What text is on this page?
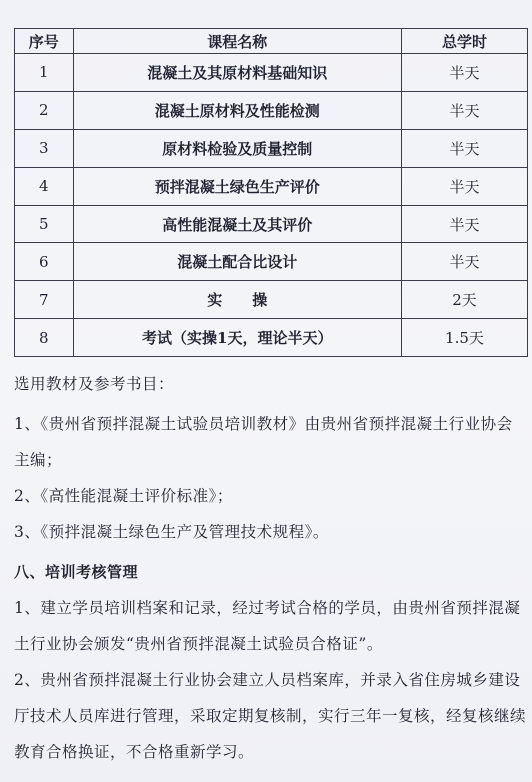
序号	课程名称	总学时
1	混凝土及其原材料基础知识	半天
2	混凝土原材料及性能检测	半天
3	原材料检验及质量控制	半天
4	预拌混凝土绿色生产评价	半天
5	高性能混凝土及其评价	半天
6	混凝土配合比设计	半天
7	实　　操	2天
8	考试（实操1天，理论半天）	1.5天

选用教材及参考书目：

1、《贵州省预拌混凝土试验员培训教材》由贵州省预拌混凝土行业协会主编；

2、《高性能混凝土评价标准》；

3、《预拌混凝土绿色生产及管理技术规程》。

八、培训考核管理

1、建立学员培训档案和记录，经过考试合格的学员，由贵州省预拌混凝土行业协会颁发“贵州省预拌混凝土试验员合格证”。

2、贵州省预拌混凝土行业协会建立人员档案库，并录入省住房城乡建设厅技术人员库进行管理，采取定期复核制，实行三年一复核，经复核继续教育合格换证，不合格重新学习。
